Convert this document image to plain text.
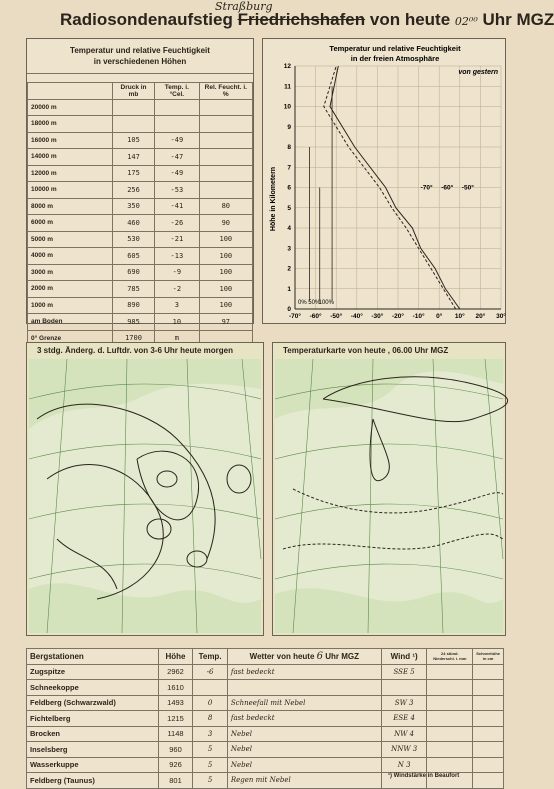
Straßburg
Radiosondenaufstieg Friedrichshafen von heute 02⁰⁰ Uhr MGZ
Temperatur und relative Feuchtigkeit
in verschiedenen Höhen
	Druck in mb	Temp. i. °Cel.	Rel. Feucht. i. %
20000 m			
18000 m			
16000 m	105	-49	
14000 m	147	-47	
12000 m	175	-49	
10000 m	256	-53	
8000 m	350	-41	80
6000 m	460	-26	90
5000 m	530	-21	100
4000 m	605	-13	100
3000 m	690	-9	100
2000 m	785	-2	100
1000 m	890	3	100
am Boden	985	10	97
0° Grenze	1700	m	
Temperatur und relative Feuchtigkeit
in der freien Atmosphäre
Höhe in Kilometern
-70° -60° -50° -40° -30° -20° -10° 0° 10° 20° 30°
0
1
2
3
4
5
6
7
8
9
10
11
12
0% 50%
100%
-70° -60° -50°
von gestern
3 stdg. Änderg. d. Luftdr. von 3-6 Uhr heute morgen	Temperaturkarte von heute , 06.00 Uhr MGZ
Bergstationen	Höhe	Temp.	Wetter von heute 6 Uhr MGZ	Wind ¹)	24 stünd. Niederschl. i. mm	Schneehöhe in cm
Zugspitze	2962	-6	fast bedeckt	SSE 5		
Schneekoppe	1610					
Feldberg (Schwarzwald)	1493	0	Schneefall mit Nebel	SW 3		
Fichtelberg	1215	8	fast bedeckt	ESE 4		
Brocken	1148	3	Nebel	NW 4		
Inselsberg	960	5	Nebel	NNW 3		
Wasserkuppe	926	5	Nebel	N 3		
Feldberg (Taunus)	801	5	Regen mit Nebel			
¹) Windstärke in Beaufort
